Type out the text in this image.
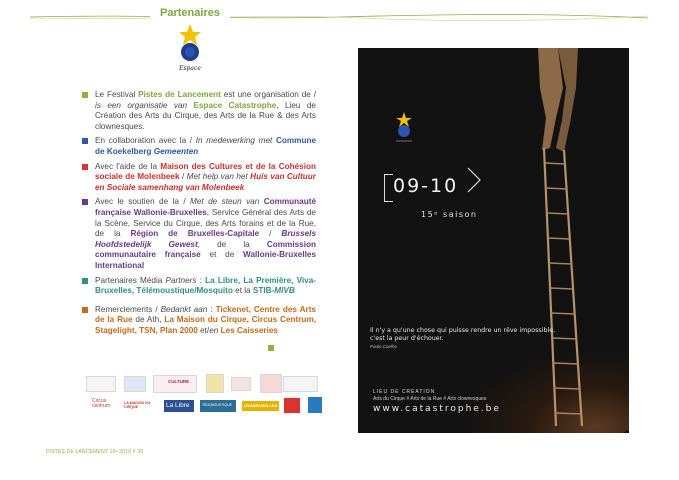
Partenaires
Espace
Le Festival Pistes de Lancement est une organisation de / is een organisatie van Espace Catastrophe, Lieu de Création des Arts du Cirque, des Arts de la Rue & des Arts clownesques.
En collaboration avec la / In medewerking met Commune de Koekelberg Gemeenten
Avec l'aide de la Maison des Cultures et de la Cohésion sociale de Molenbeek / Met help van het Huis van Cultuur en Sociale samenhang van Molenbeek
Avec le soutien de la / Met de steun van Communauté française Wallonie-Bruxelles, Service Général des Arts de la Scène, Service du Cirque, des Arts forains et de la Rue, de la Région de Bruxelles-Capitale / Brussels Hoofdstedelijk Gewest, de la Commission communautaire française et de Wallonie-Bruxelles International
Partenaires Média Partners : La Libre, La Première, Viva-Bruxelles, Télémoustique/Mosquito et la STIB-MIVB
Remerciements / Bedankt aan : Tickenet, Centre des Arts de la Rue de Ath, La Maison du Cirque, Circus Centrum, Stagelight, TSN, Plan 2000 et/en Les Caisseries
CULTURE
Circus centrum	LA MAISON DU CIRQUE	La Libre	TÉLÉMOUSTIQUE	VIVABRUXELLES
PISTES DE LANCEMENT 15ᵉ 2010 # 30
09-10
15ᵉ saison
Il n'y a qu'une chose qui puisse rendre un rêve impossible, c'est la peur d'échouer.
Paulo Coelho
LIEU DE CREATION
Arts du Cirque # Arts de la Rue # Arts clownesques
www.catastrophe.be
